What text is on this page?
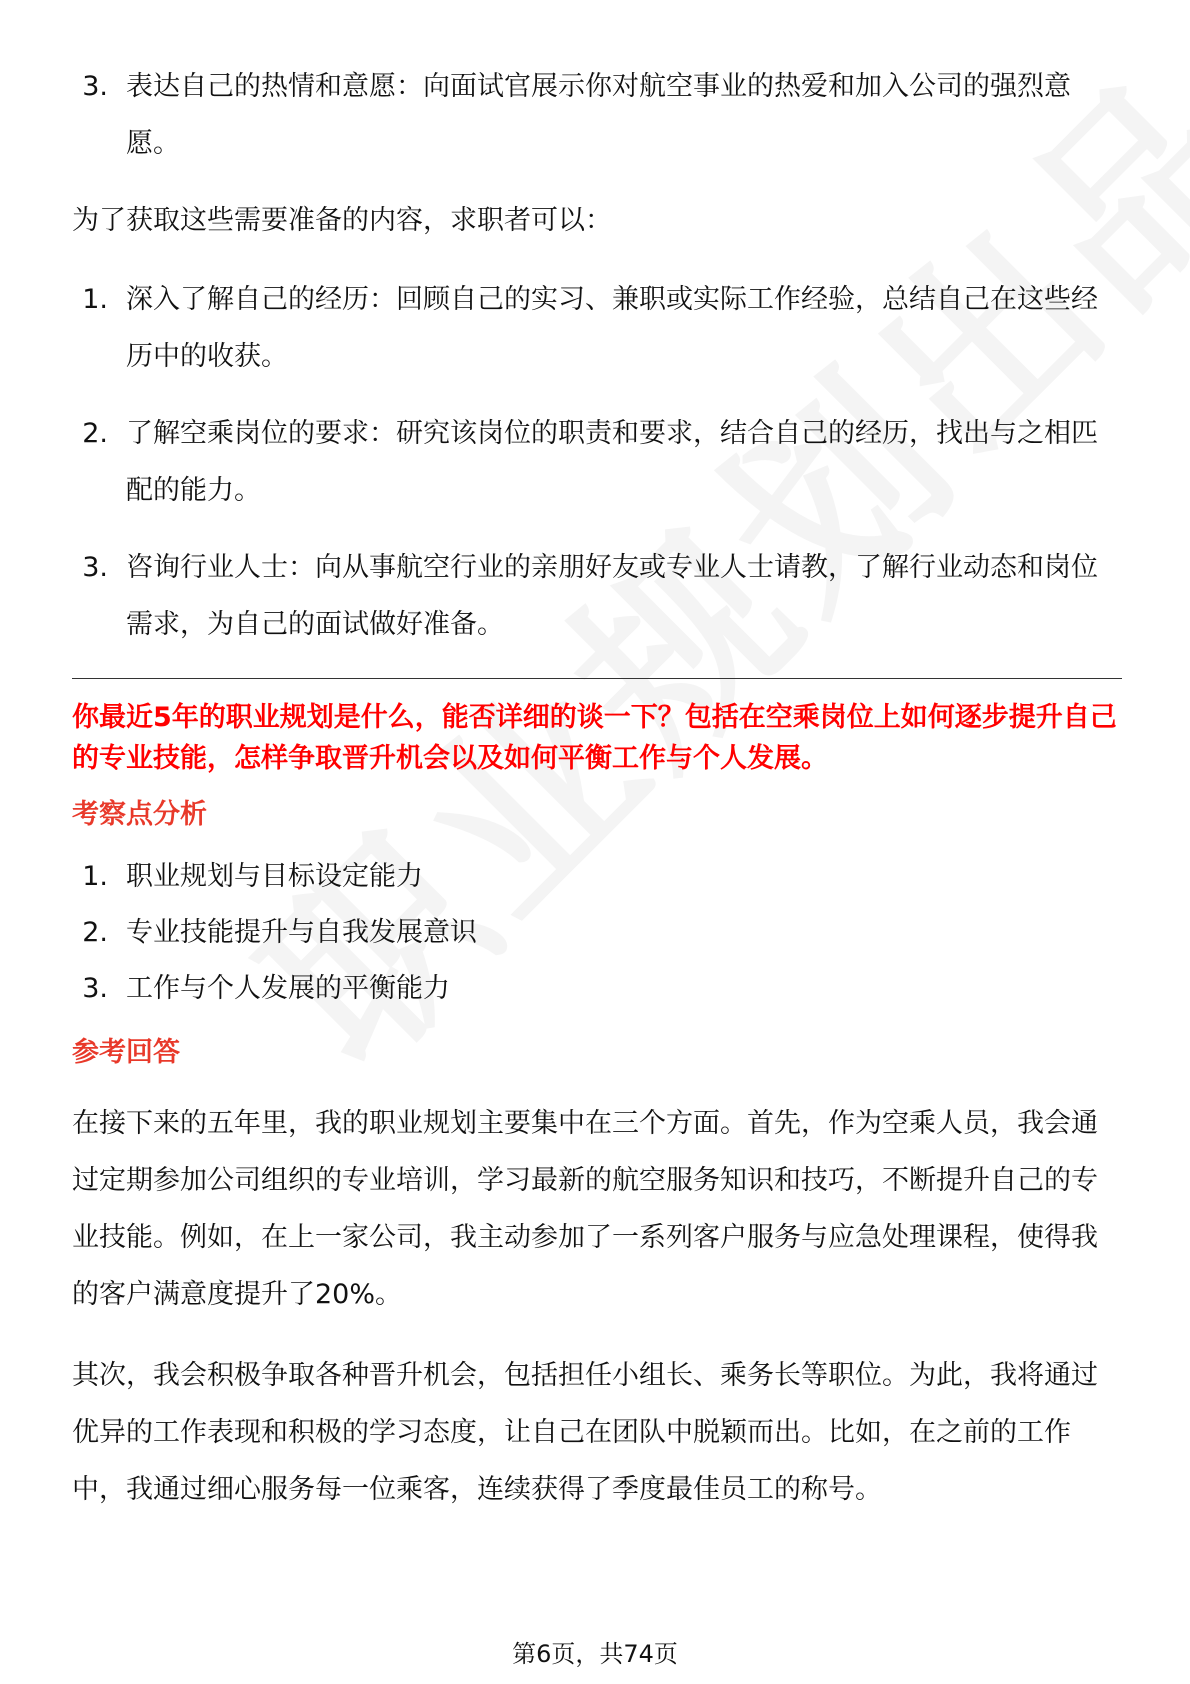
3. 表达自己的热情和意愿：向面试官展示你对航空事业的热爱和加入公司的强烈意愿。

为了获取这些需要准备的内容，求职者可以：

1. 深入了解自己的经历：回顾自己的实习、兼职或实际工作经验，总结自己在这些经历中的收获。
2. 了解空乘岗位的要求：研究该岗位的职责和要求，结合自己的经历，找出与之相匹配的能力。
3. 咨询行业人士：向从事航空行业的亲朋好友或专业人士请教，了解行业动态和岗位需求，为自己的面试做好准备。

你最近5年的职业规划是什么，能否详细的谈一下？包括在空乘岗位上如何逐步提升自己的专业技能，怎样争取晋升机会以及如何平衡工作与个人发展。

考察点分析

1. 职业规划与目标设定能力
2. 专业技能提升与自我发展意识
3. 工作与个人发展的平衡能力

参考回答

在接下来的五年里，我的职业规划主要集中在三个方面。首先，作为空乘人员，我会通过定期参加公司组织的专业培训，学习最新的航空服务知识和技巧，不断提升自己的专业技能。例如，在上一家公司，我主动参加了一系列客户服务与应急处理课程，使得我的客户满意度提升了20%。

其次，我会积极争取各种晋升机会，包括担任小组长、乘务长等职位。为此，我将通过优异的工作表现和积极的学习态度，让自己在团队中脱颖而出。比如，在之前的工作中，我通过细心服务每一位乘客，连续获得了季度最佳员工的称号。

第6页，共74页
